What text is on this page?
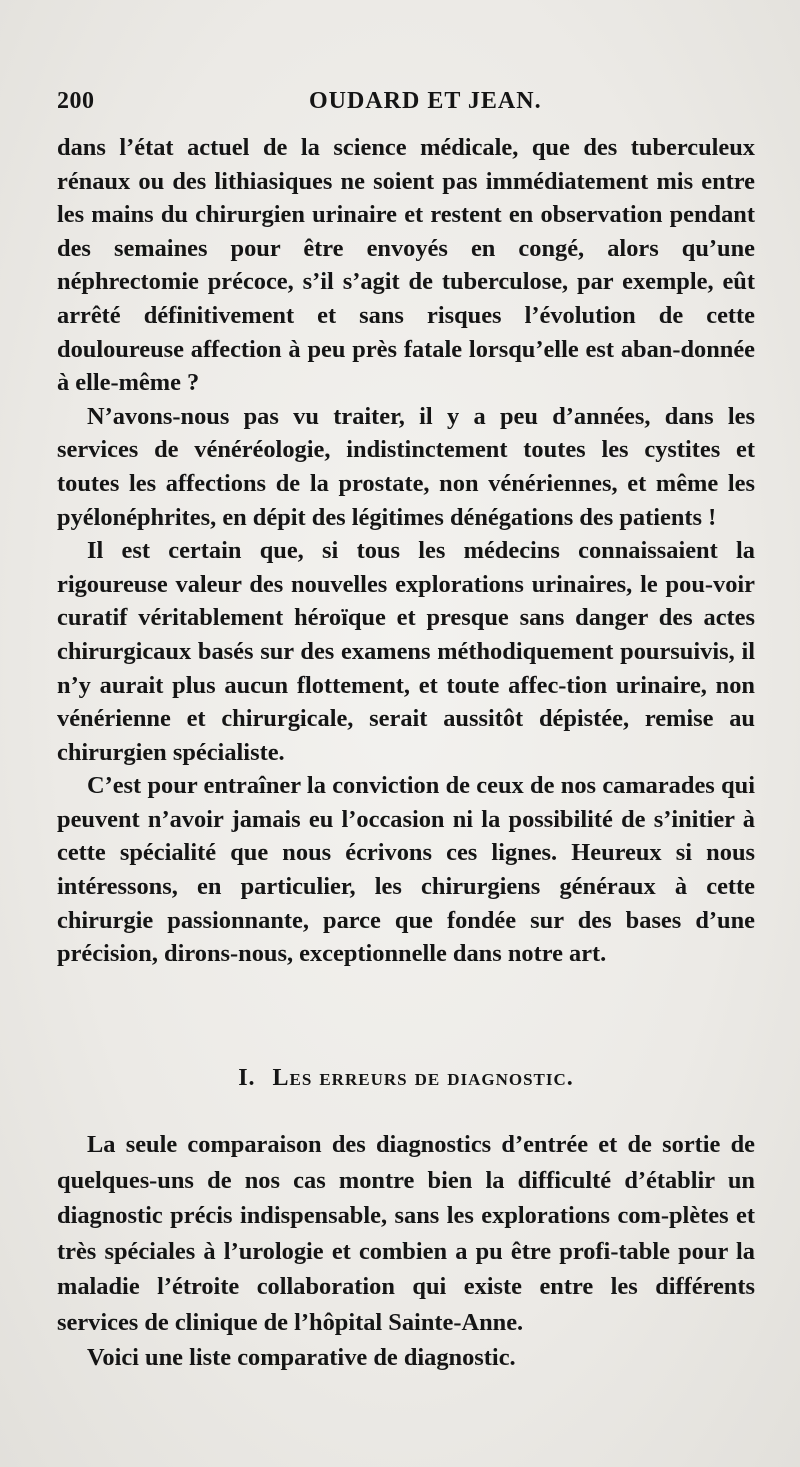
200	OUDARD ET JEAN.

dans l’état actuel de la science médicale, que des tuberculeux rénaux ou des lithiasiques ne soient pas immédiatement mis entre les mains du chirurgien urinaire et restent en observation pendant des semaines pour être envoyés en congé, alors qu’une néphrectomie précoce, s’il s’agit de tuberculose, par exemple, eût arrêté définitivement et sans risques l’évolution de cette douloureuse affection à peu près fatale lorsqu’elle est aban-donnée à elle-même ?

N’avons-nous pas vu traiter, il y a peu d’années, dans les services de vénéréologie, indistinctement toutes les cystites et toutes les affections de la prostate, non vénériennes, et même les pyélonéphrites, en dépit des légitimes dénégations des patients !

Il est certain que, si tous les médecins connaissaient la rigoureuse valeur des nouvelles explorations urinaires, le pou-voir curatif véritablement héroïque et presque sans danger des actes chirurgicaux basés sur des examens méthodiquement poursuivis, il n’y aurait plus aucun flottement, et toute affec-tion urinaire, non vénérienne et chirurgicale, serait aussitôt dépistée, remise au chirurgien spécialiste.

C’est pour entraîner la conviction de ceux de nos camarades qui peuvent n’avoir jamais eu l’occasion ni la possibilité de s’initier à cette spécialité que nous écrivons ces lignes. Heureux si nous intéressons, en particulier, les chirurgiens généraux à cette chirurgie passionnante, parce que fondée sur des bases d’une précision, dirons-nous, exceptionnelle dans notre art.

I. Les erreurs de diagnostic.

La seule comparaison des diagnostics d’entrée et de sortie de quelques-uns de nos cas montre bien la difficulté d’établir un diagnostic précis indispensable, sans les explorations com-plètes et très spéciales à l’urologie et combien a pu être profi-table pour la maladie l’étroite collaboration qui existe entre les différents services de clinique de l’hôpital Sainte-Anne.

Voici une liste comparative de diagnostic.
